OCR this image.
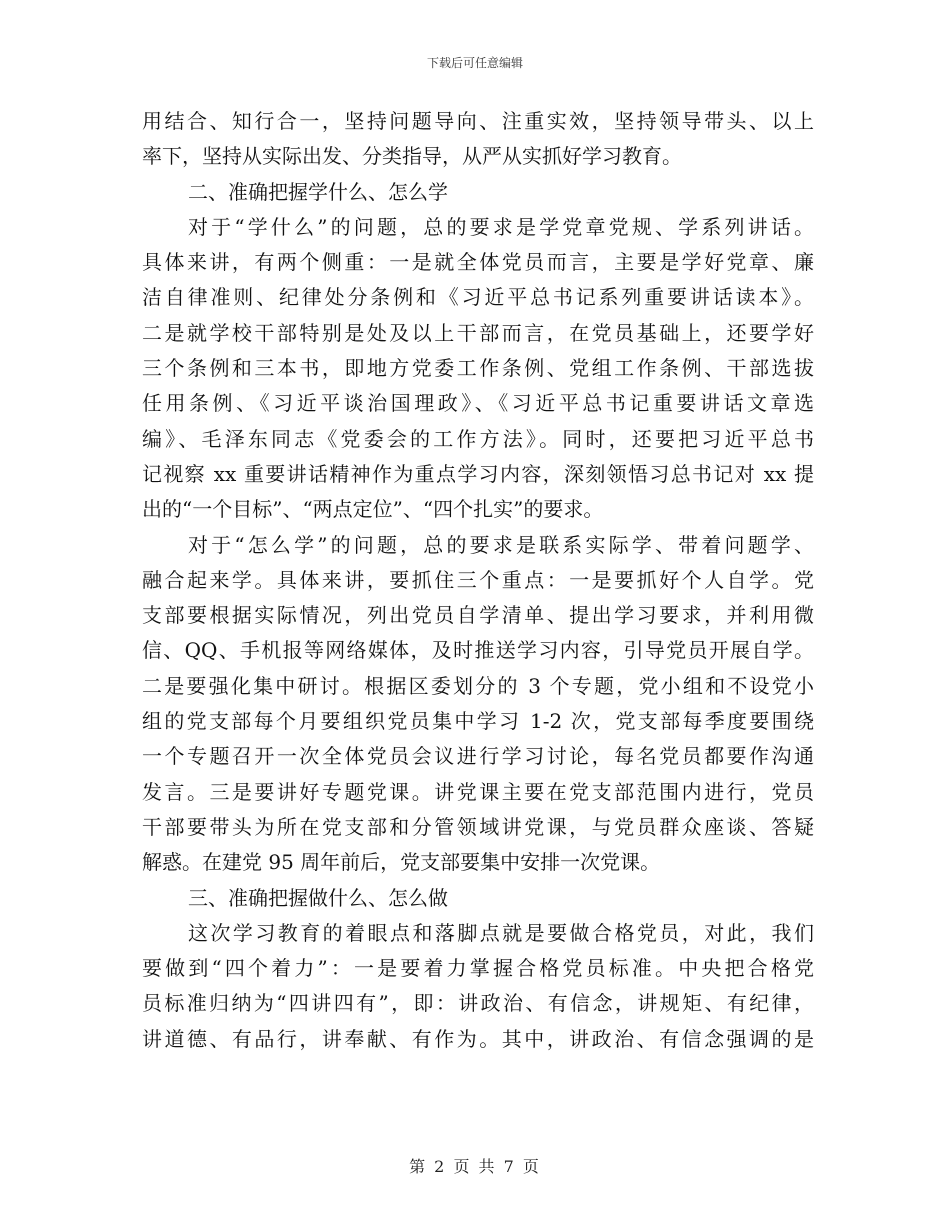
下载后可任意编辑
用结合、知行合一，坚持问题导向、注重实效，坚持领导带头、以上
率下，坚持从实际出发、分类指导，从严从实抓好学习教育。
二、准确把握学什么、怎么学
对于“学什么”的问题，总的要求是学党章党规、学系列讲话。
具体来讲，有两个侧重：一是就全体党员而言，主要是学好党章、廉
洁自律准则、纪律处分条例和《习近平总书记系列重要讲话读本》。
二是就学校干部特别是处及以上干部而言，在党员基础上，还要学好
三个条例和三本书，即地方党委工作条例、党组工作条例、干部选拔
任用条例、《习近平谈治国理政》、《习近平总书记重要讲话文章选
编》、毛泽东同志《党委会的工作方法》。同时，还要把习近平总书
记视察 xx 重要讲话精神作为重点学习内容，深刻领悟习总书记对 xx 提
出的“一个目标”、“两点定位”、“四个扎实”的要求。
对于“怎么学”的问题，总的要求是联系实际学、带着问题学、
融合起来学。具体来讲，要抓住三个重点：一是要抓好个人自学。党
支部要根据实际情况，列出党员自学清单、提出学习要求，并利用微
信、QQ、手机报等网络媒体，及时推送学习内容，引导党员开展自学。
二是要强化集中研讨。根据区委划分的 3 个专题，党小组和不设党小
组的党支部每个月要组织党员集中学习 1-2 次，党支部每季度要围绕
一个专题召开一次全体党员会议进行学习讨论，每名党员都要作沟通
发言。三是要讲好专题党课。讲党课主要在党支部范围内进行，党员
干部要带头为所在党支部和分管领域讲党课，与党员群众座谈、答疑
解惑。在建党 95 周年前后，党支部要集中安排一次党课。
三、准确把握做什么、怎么做
这次学习教育的着眼点和落脚点就是要做合格党员，对此，我们
要做到“四个着力”：一是要着力掌握合格党员标准。中央把合格党
员标准归纳为“四讲四有”，即：讲政治、有信念，讲规矩、有纪律，
讲道德、有品行，讲奉献、有作为。其中，讲政治、有信念强调的是
第 2 页 共 7 页
